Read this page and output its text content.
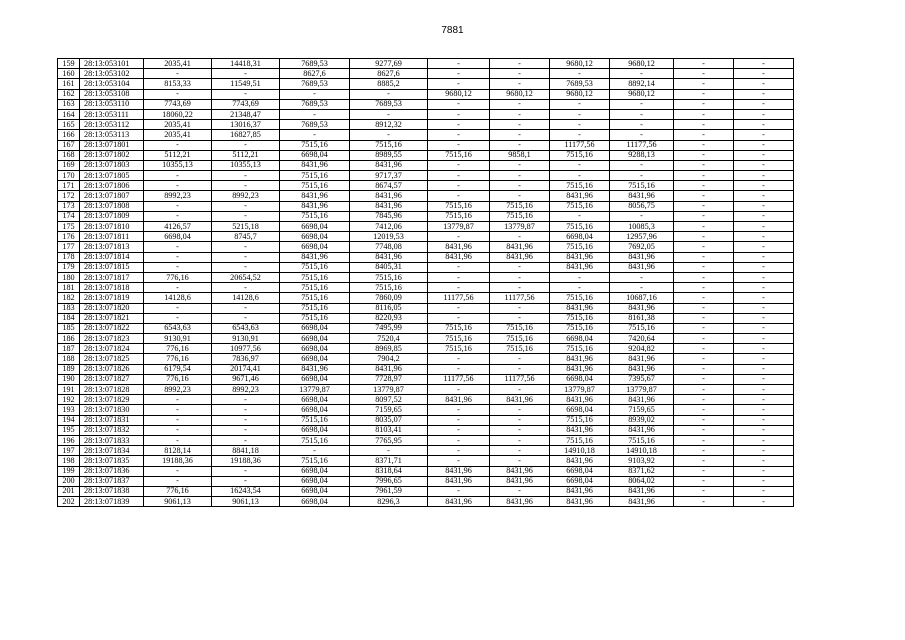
7881
159	28:13:053101	2035,41	14418,31	7689,53	9277,69	-	-	9680,12	9680,12	-	-
160	28:13:053102	-	-	8627,6	8627,6	-	-	-	-	-	-
161	28:13:053104	8153,33	11549,51	7689,53	8885,2	-	-	7689,53	8892,14	-	-
162	28:13:053108	-	-	-	-	9680,12	9680,12	9680,12	9680,12	-	-
163	28:13:053110	7743,69	7743,69	7689,53	7689,53	-	-	-	-	-	-
164	28:13:053111	18060,22	21348,47	-	-	-	-	-	-	-	-
165	28:13:053112	2035,41	13016,37	7689,53	8912,32	-	-	-	-	-	-
166	28:13:053113	2035,41	16827,85	-	-	-	-	-	-	-	-
167	28:13:071801	-	-	7515,16	7515,16	-	-	11177,56	11177,56	-	-
168	28:13:071802	5112,21	5112,21	6698,04	8989,55	7515,16	9858,1	7515,16	9288,13	-	-
169	28:13:071803	10355,13	10355,13	8431,96	8431,96	-	-	-	-	-	-
170	28:13:071805	-	-	7515,16	9717,37	-	-	-	-	-	-
171	28:13:071806	-	-	7515,16	8674,57	-	-	7515,16	7515,16	-	-
172	28:13:071807	8992,23	8992,23	8431,96	8431,96	-	-	8431,96	8431,96	-	-
173	28:13:071808	-	-	8431,96	8431,96	7515,16	7515,16	7515,16	8056,75	-	-
174	28:13:071809	-	-	7515,16	7845,96	7515,16	7515,16	-	-	-	-
175	28:13:071810	4126,57	5215,18	6698,04	7412,06	13779,87	13779,87	7515,16	10085,3	-	-
176	28:13:071811	6698,04	8745,7	6698,04	12019,53	-	-	6698,04	12957,96	-	-
177	28:13:071813	-	-	6698,04	7748,08	8431,96	8431,96	7515,16	7692,05	-	-
178	28:13:071814	-	-	8431,96	8431,96	8431,96	8431,96	8431,96	8431,96	-	-
179	28:13:071815	-	-	7515,16	8405,31	-	-	8431,96	8431,96	-	-
180	28:13:071817	776,16	20654,52	7515,16	7515,16	-	-	-	-	-	-
181	28:13:071818	-	-	7515,16	7515,16	-	-	-	-	-	-
182	28:13:071819	14128,6	14128,6	7515,16	7860,09	11177,56	11177,56	7515,16	10687,16	-	-
183	28:13:071820	-	-	7515,16	8116,05	-	-	8431,96	8431,96	-	-
184	28:13:071821	-	-	7515,16	8220,93	-	-	7515,16	8161,38	-	-
185	28:13:071822	6543,63	6543,63	6698,04	7495,99	7515,16	7515,16	7515,16	7515,16	-	-
186	28:13:071823	9130,91	9130,91	6698,04	7520,4	7515,16	7515,16	6698,04	7420,64	-	-
187	28:13:071824	776,16	10977,56	6698,04	8969,85	7515,16	7515,16	7515,16	9204,82	-	-
188	28:13:071825	776,16	7836,97	6698,04	7904,2	-	-	8431,96	8431,96	-	-
189	28:13:071826	6179,54	20174,41	8431,96	8431,96	-	-	8431,96	8431,96	-	-
190	28:13:071827	776,16	9671,46	6698,04	7728,97	11177,56	11177,56	6698,04	7395,67	-	-
191	28:13:071828	8992,23	8992,23	13779,87	13779,87	-	-	13779,87	13779,87	-	-
192	28:13:071829	-	-	6698,04	8097,52	8431,96	8431,96	8431,96	8431,96	-	-
193	28:13:071830	-	-	6698,04	7159,65	-	-	6698,04	7159,65	-	-
194	28:13:071831	-	-	7515,16	8035,07	-	-	7515,16	8939,02	-	-
195	28:13:071832	-	-	6698,04	8103,41	-	-	8431,96	8431,96	-	-
196	28:13:071833	-	-	7515,16	7765,95	-	-	7515,16	7515,16	-	-
197	28:13:071834	8128,14	8841,18	-	-	-	-	14910,18	14910,18	-	-
198	28:13:071835	19188,36	19188,36	7515,16	8371,71	-	-	8431,96	9103,92	-	-
199	28:13:071836	-	-	6698,04	8318,64	8431,96	8431,96	6698,04	8371,62	-	-
200	28:13:071837	-	-	6698,04	7996,65	8431,96	8431,96	6698,04	8064,02	-	-
201	28:13:071838	776,16	16243,54	6698,04	7961,59	-	-	8431,96	8431,96	-	-
202	28:13:071839	9061,13	9061,13	6698,04	8296,3	8431,96	8431,96	8431,96	8431,96	-	-
